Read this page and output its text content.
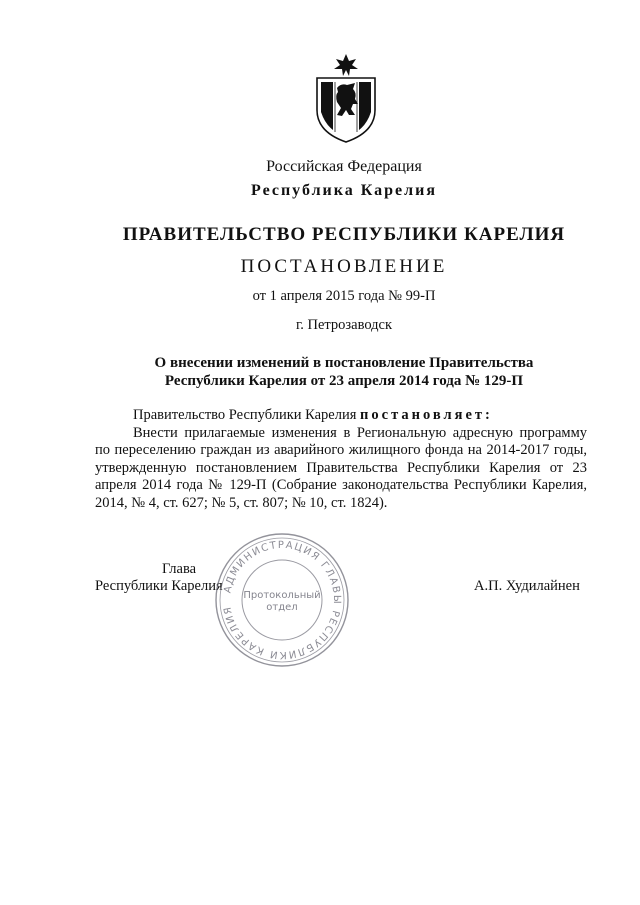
Российская Федерация
Республика Карелия
ПРАВИТЕЛЬСТВО РЕСПУБЛИКИ КАРЕЛИЯ
ПОСТАНОВЛЕНИЕ
от 1 апреля 2015 года № 99-П
г. Петрозаводск
О внесении изменений в постановление Правительства
Республики Карелия от 23 апреля 2014 года № 129-П

Правительство Республики Карелия постановляет:

Внести прилагаемые изменения в Региональную адресную программу по переселению граждан из аварийного жилищного фонда на 2014-2017 годы, утвержденную постановлением Правительства Республики Карелия от 23 апреля 2014 года № 129-П (Собрание законодательства Республики Карелия, 2014, № 4, ст. 627; № 5, ст. 807; № 10, ст. 1824).

Глава
Республики Карелия	А.П. Худилайнен
АДМИНИСТРАЦИЯ ГЛАВЫ РЕСПУБЛИКИ КАРЕЛИЯ
Протокольный
отдел
